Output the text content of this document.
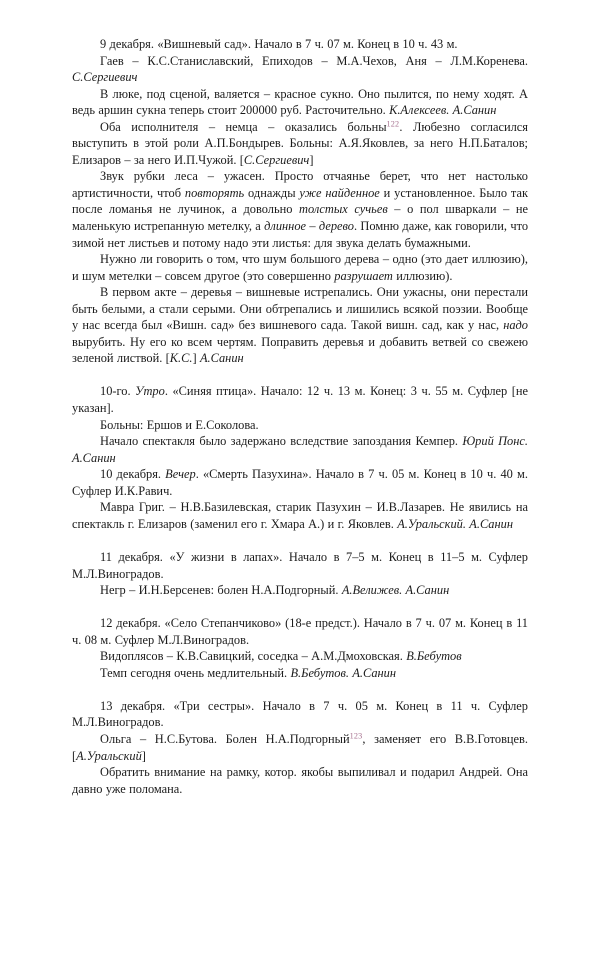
9 декабря. «Вишневый сад». Начало в 7 ч. 07 м. Конец в 10 ч. 43 м.

Гаев – К.С.Станиславский, Епиходов – М.А.Чехов, Аня – Л.М.Коренева. С.Сергиевич

В люке, под сценой, валяется – красное сукно. Оно пылится, по нему ходят. А ведь аршин сукна теперь стоит 200000 руб. Расточительно. К.Алексеев. А.Санин

Оба исполнителя – немца – оказались больны$^{122}$. Любезно согласился выступить в этой роли А.П.Бондырев. Больны: А.Я.Яковлев, за него Н.П.Баталов; Елизаров – за него И.П.Чужой. [С.Сергиевич]

Звук рубки леса – ужасен. Просто отчаянье берет, что нет настолько артистичности, чтоб повторять однажды уже найденное и установленное. Было так после ломанья не лучинок, а довольно толстых сучьев – о пол шваркали – не маленькую истрепанную метелку, а длинное – дерево. Помню даже, как говорили, что зимой нет листьев и потому надо эти листья: для звука делать бумажными.

Нужно ли говорить о том, что шум большого дерева – одно (это дает иллюзию), и шум метелки – совсем другое (это совершенно разрушает иллюзию).

В первом акте – деревья – вишневые истрепались. Они ужасны, они перестали быть белыми, а стали серыми. Они обтрепались и лишились всякой поэзии. Вообще у нас всегда был «Вишн. сад» без вишневого сада. Такой вишн. сад, как у нас, надо вырубить. Ну его ко всем чертям. Поправить деревья и добавить ветвей со свежею зеленой листвой. [К.С.] А.Санин

10-го. Утро. «Синяя птица». Начало: 12 ч. 13 м. Конец: 3 ч. 55 м. Суфлер [не указан].

Больны: Ершов и Е.Соколова.

Начало спектакля было задержано вследствие запоздания Кемпер. Юрий Понс. А.Санин

10 декабря. Вечер. «Смерть Пазухина». Начало в 7 ч. 05 м. Конец в 10 ч. 40 м. Суфлер И.К.Равич.

Мавра Григ. – Н.В.Базилевская, старик Пазухин – И.В.Лазарев. Не явились на спектакль г. Елизаров (заменил его г. Хмара А.) и г. Яковлев. А.Уральский. А.Санин

11 декабря. «У жизни в лапах». Начало в 7–5 м. Конец в 11–5 м. Суфлер М.Л.Виноградов.

Негр – И.Н.Берсенев: болен Н.А.Подгорный. А.Велижев. А.Санин

12 декабря. «Село Степанчиково» (18-е предст.). Начало в 7 ч. 07 м. Конец в 11 ч. 08 м. Суфлер М.Л.Виноградов.

Видоплясов – К.В.Савицкий, соседка – А.М.Дмоховская. В.Бебутов

Темп сегодня очень медлительный. В.Бебутов. А.Санин

13 декабря. «Три сестры». Начало в 7 ч. 05 м. Конец в 11 ч. Суфлер М.Л.Виноградов.

Ольга – Н.С.Бутова. Болен Н.А.Подгорный$^{123}$, заменяет его В.В.Готовцев. [А.Уральский]

Обратить внимание на рамку, котор. якобы выпиливал и подарил Андрей. Она давно уже поломана.
